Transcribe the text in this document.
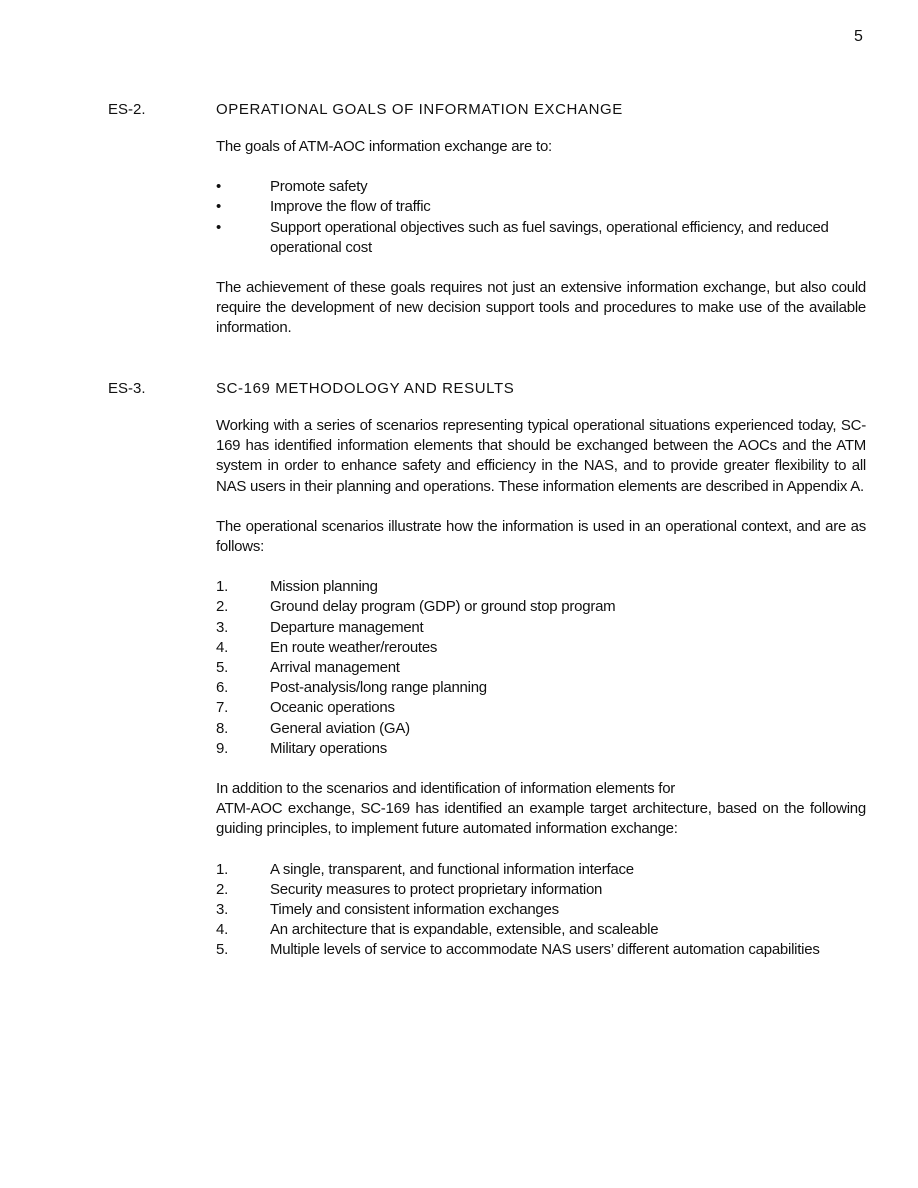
5
ES-2.	OPERATIONAL GOALS OF INFORMATION EXCHANGE

The goals of ATM-AOC information exchange are to:

•	Promote safety
•	Improve the flow of traffic
•	Support operational objectives such as fuel savings, operational efficiency, and reduced operational cost

The achievement of these goals requires not just an extensive information exchange, but also could require the development of new decision support tools and procedures to make use of the available information.

ES-3.	SC-169 METHODOLOGY AND RESULTS

Working with a series of scenarios representing typical operational situations experienced today, SC-169 has identified information elements that should be exchanged between the AOCs and the ATM system in order to enhance safety and efficiency in the NAS, and to provide greater flexibility to all NAS users in their planning and operations. These information elements are described in Appendix A.

The operational scenarios illustrate how the information is used in an operational context, and are as follows:

1.	Mission planning
2.	Ground delay program (GDP) or ground stop program
3.	Departure management
4.	En route weather/reroutes
5.	Arrival management
6.	Post-analysis/long range planning
7.	Oceanic operations
8.	General aviation (GA)
9.	Military operations

In addition to the scenarios and identification of information elements for

ATM-AOC exchange, SC-169 has identified an example target architecture, based on the following guiding principles, to implement future automated information exchange:

1.	A single, transparent, and functional information interface
2.	Security measures to protect proprietary information
3.	Timely and consistent information exchanges
4.	An architecture that is expandable, extensible, and scaleable
5.	Multiple levels of service to accommodate NAS users’ different automation capabilities
